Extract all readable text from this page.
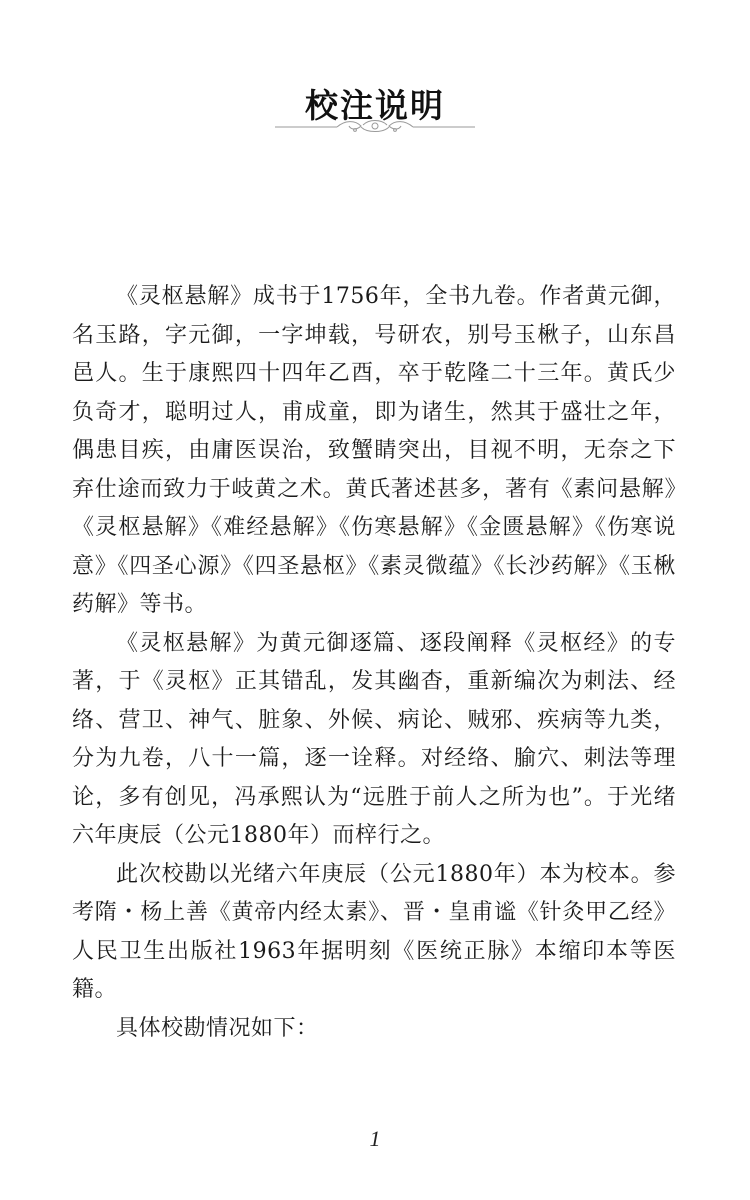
校注说明

《灵枢悬解》成书于1756年，全书九卷。作者黄元御，名玉路，字元御，一字坤载，号研农，别号玉楸子，山东昌邑人。生于康熙四十四年乙酉，卒于乾隆二十三年。黄氏少负奇才，聪明过人，甫成童，即为诸生，然其于盛壮之年，偶患目疾，由庸医误治，致蟹睛突出，目视不明，无奈之下弃仕途而致力于岐黄之术。黄氏著述甚多，著有《素问悬解》《灵枢悬解》《难经悬解》《伤寒悬解》《金匮悬解》《伤寒说意》《四圣心源》《四圣悬枢》《素灵微蕴》《长沙药解》《玉楸药解》等书。

《灵枢悬解》为黄元御逐篇、逐段阐释《灵枢经》的专著，于《灵枢》正其错乱，发其幽杳，重新编次为刺法、经络、营卫、神气、脏象、外候、病论、贼邪、疾病等九类，分为九卷，八十一篇，逐一诠释。对经络、腧穴、刺法等理论，多有创见，冯承熙认为“远胜于前人之所为也”。于光绪六年庚辰（公元1880年）而梓行之。

此次校勘以光绪六年庚辰（公元1880年）本为校本。参考隋・杨上善《黄帝内经太素》、晋・皇甫谧《针灸甲乙经》人民卫生出版社1963年据明刻《医统正脉》本缩印本等医籍。

具体校勘情况如下：

1
